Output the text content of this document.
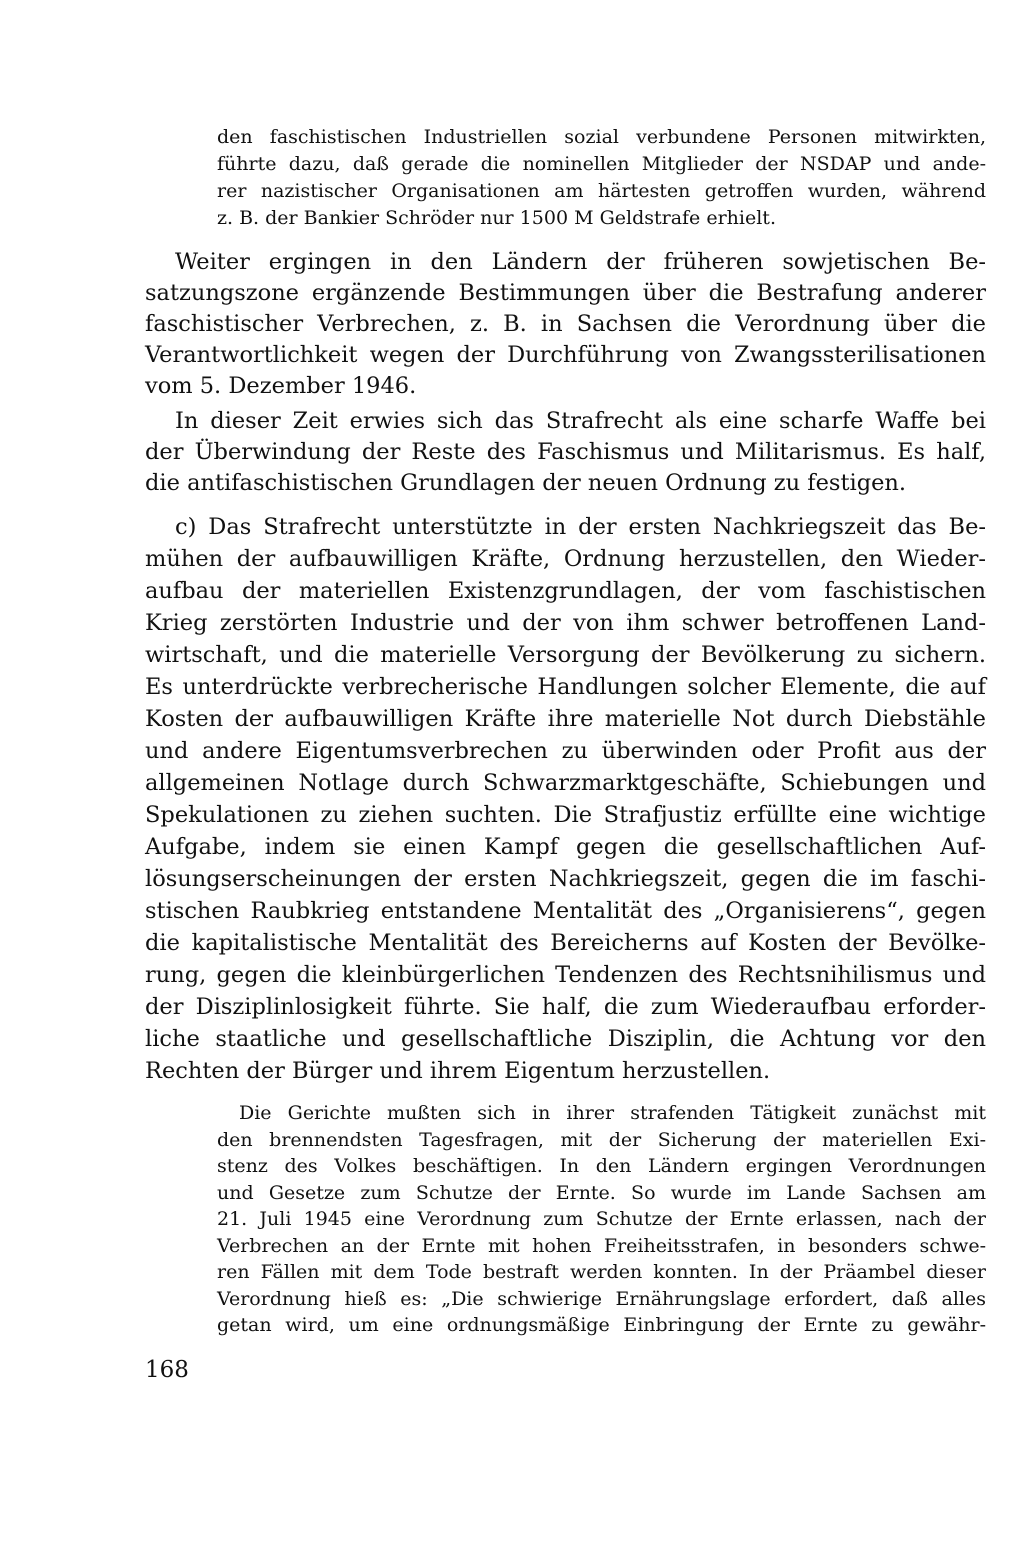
den faschistischen Industriellen sozial verbundene Personen mitwirkten,
führte dazu, daß gerade die nominellen Mitglieder der NSDAP und ande-
rer nazistischer Organisationen am härtesten getroffen wurden, während
z. B. der Bankier Schröder nur 1500 M Geldstrafe erhielt.
Weiter ergingen in den Ländern der früheren sowjetischen Be-
satzungszone ergänzende Bestimmungen über die Bestrafung anderer
faschistischer Verbrechen, z. B. in Sachsen die Verordnung über die
Verantwortlichkeit wegen der Durchführung von Zwangssterilisationen
vom 5. Dezember 1946.
In dieser Zeit erwies sich das Strafrecht als eine scharfe Waffe bei
der Überwindung der Reste des Faschismus und Militarismus. Es half,
die antifaschistischen Grundlagen der neuen Ordnung zu festigen.
c) Das Strafrecht unterstützte in der ersten Nachkriegszeit das Be-
mühen der aufbauwilligen Kräfte, Ordnung herzustellen, den Wieder-
aufbau der materiellen Existenzgrundlagen, der vom faschistischen
Krieg zerstörten Industrie und der von ihm schwer betroffenen Land-
wirtschaft, und die materielle Versorgung der Bevölkerung zu sichern.
Es unterdrückte verbrecherische Handlungen solcher Elemente, die auf
Kosten der aufbauwilligen Kräfte ihre materielle Not durch Diebstähle
und andere Eigentumsverbrechen zu überwinden oder Profit aus der
allgemeinen Notlage durch Schwarzmarktgeschäfte, Schiebungen und
Spekulationen zu ziehen suchten. Die Strafjustiz erfüllte eine wichtige
Aufgabe, indem sie einen Kampf gegen die gesellschaftlichen Auf-
lösungserscheinungen der ersten Nachkriegszeit, gegen die im faschi-
stischen Raubkrieg entstandene Mentalität des „Organisierens“, gegen
die kapitalistische Mentalität des Bereicherns auf Kosten der Bevölke-
rung, gegen die kleinbürgerlichen Tendenzen des Rechtsnihilismus und
der Disziplinlosigkeit führte. Sie half, die zum Wiederaufbau erforder-
liche staatliche und gesellschaftliche Disziplin, die Achtung vor den
Rechten der Bürger und ihrem Eigentum herzustellen.
Die Gerichte mußten sich in ihrer strafenden Tätigkeit zunächst mit
den brennendsten Tagesfragen, mit der Sicherung der materiellen Exi-
stenz des Volkes beschäftigen. In den Ländern ergingen Verordnungen
und Gesetze zum Schutze der Ernte. So wurde im Lande Sachsen am
21. Juli 1945 eine Verordnung zum Schutze der Ernte erlassen, nach der
Verbrechen an der Ernte mit hohen Freiheitsstrafen, in besonders schwe-
ren Fällen mit dem Tode bestraft werden konnten. In der Präambel dieser
Verordnung hieß es: „Die schwierige Ernährungslage erfordert, daß alles
getan wird, um eine ordnungsmäßige Einbringung der Ernte zu gewähr-
168
